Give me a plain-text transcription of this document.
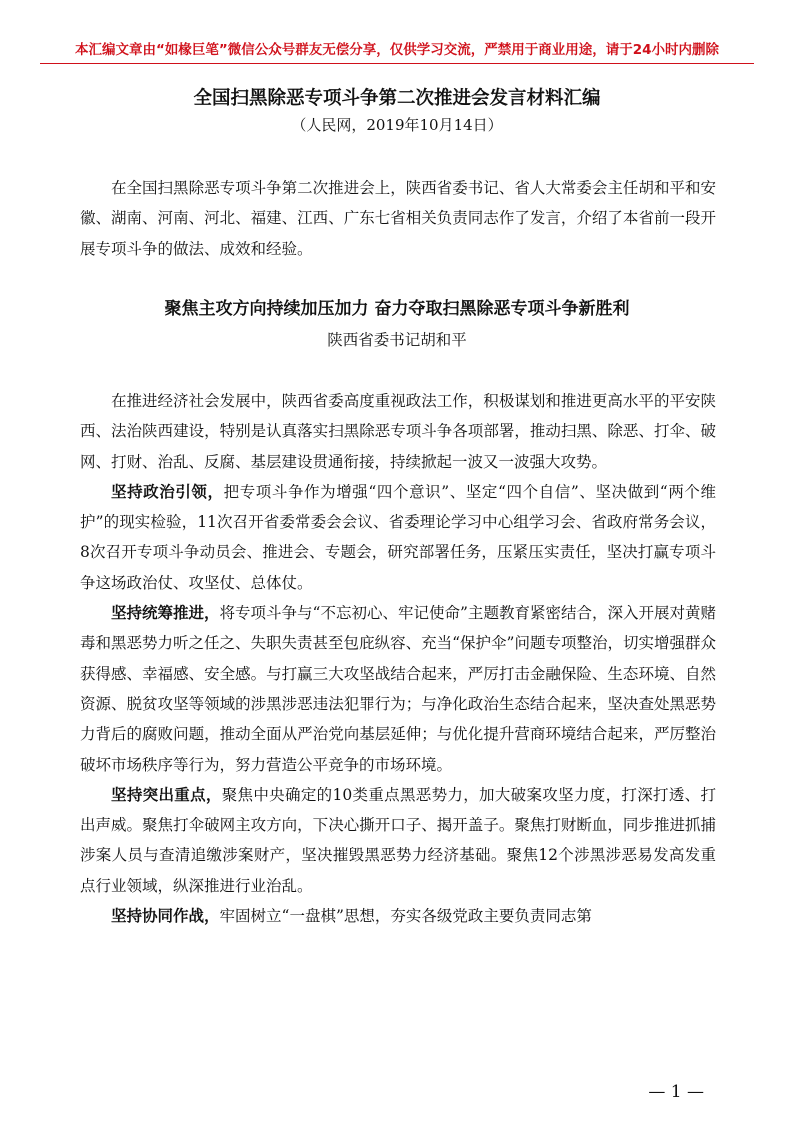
本汇编文章由“如椽巨笔”微信公众号群友无偿分享，仅供学习交流，严禁用于商业用途，请于24小时内删除
全国扫黑除恶专项斗争第二次推进会发言材料汇编
（人民网，2019年10月14日）

在全国扫黑除恶专项斗争第二次推进会上，陕西省委书记、省人大常委会主任胡和平和安徽、湖南、河南、河北、福建、江西、广东七省相关负责同志作了发言，介绍了本省前一段开展专项斗争的做法、成效和经验。

聚焦主攻方向持续加压加力 奋力夺取扫黑除恶专项斗争新胜利
陕西省委书记胡和平

在推进经济社会发展中，陕西省委高度重视政法工作，积极谋划和推进更高水平的平安陕西、法治陕西建设，特别是认真落实扫黑除恶专项斗争各项部署，推动扫黑、除恶、打伞、破网、打财、治乱、反腐、基层建设贯通衔接，持续掀起一波又一波强大攻势。

坚持政治引领，把专项斗争作为增强“四个意识”、坚定“四个自信”、坚决做到“两个维护”的现实检验，11次召开省委常委会会议、省委理论学习中心组学习会、省政府常务会议，8次召开专项斗争动员会、推进会、专题会，研究部署任务，压紧压实责任，坚决打赢专项斗争这场政治仗、攻坚仗、总体仗。

坚持统筹推进，将专项斗争与“不忘初心、牢记使命”主题教育紧密结合，深入开展对黄赌毒和黑恶势力听之任之、失职失责甚至包庇纵容、充当“保护伞”问题专项整治，切实增强群众获得感、幸福感、安全感。与打赢三大攻坚战结合起来，严厉打击金融保险、生态环境、自然资源、脱贫攻坚等领域的涉黑涉恶违法犯罪行为；与净化政治生态结合起来，坚决查处黑恶势力背后的腐败问题，推动全面从严治党向基层延伸；与优化提升营商环境结合起来，严厉整治破坏市场秩序等行为，努力营造公平竞争的市场环境。

坚持突出重点，聚焦中央确定的10类重点黑恶势力，加大破案攻坚力度，打深打透、打出声威。聚焦打伞破网主攻方向，下决心撕开口子、揭开盖子。聚焦打财断血，同步推进抓捕涉案人员与查清追缴涉案财产，坚决摧毁黑恶势力经济基础。聚焦12个涉黑涉恶易发高发重点行业领域，纵深推进行业治乱。

坚持协同作战，牢固树立“一盘棋”思想，夯实各级党政主要负责同志第

— 1 —
